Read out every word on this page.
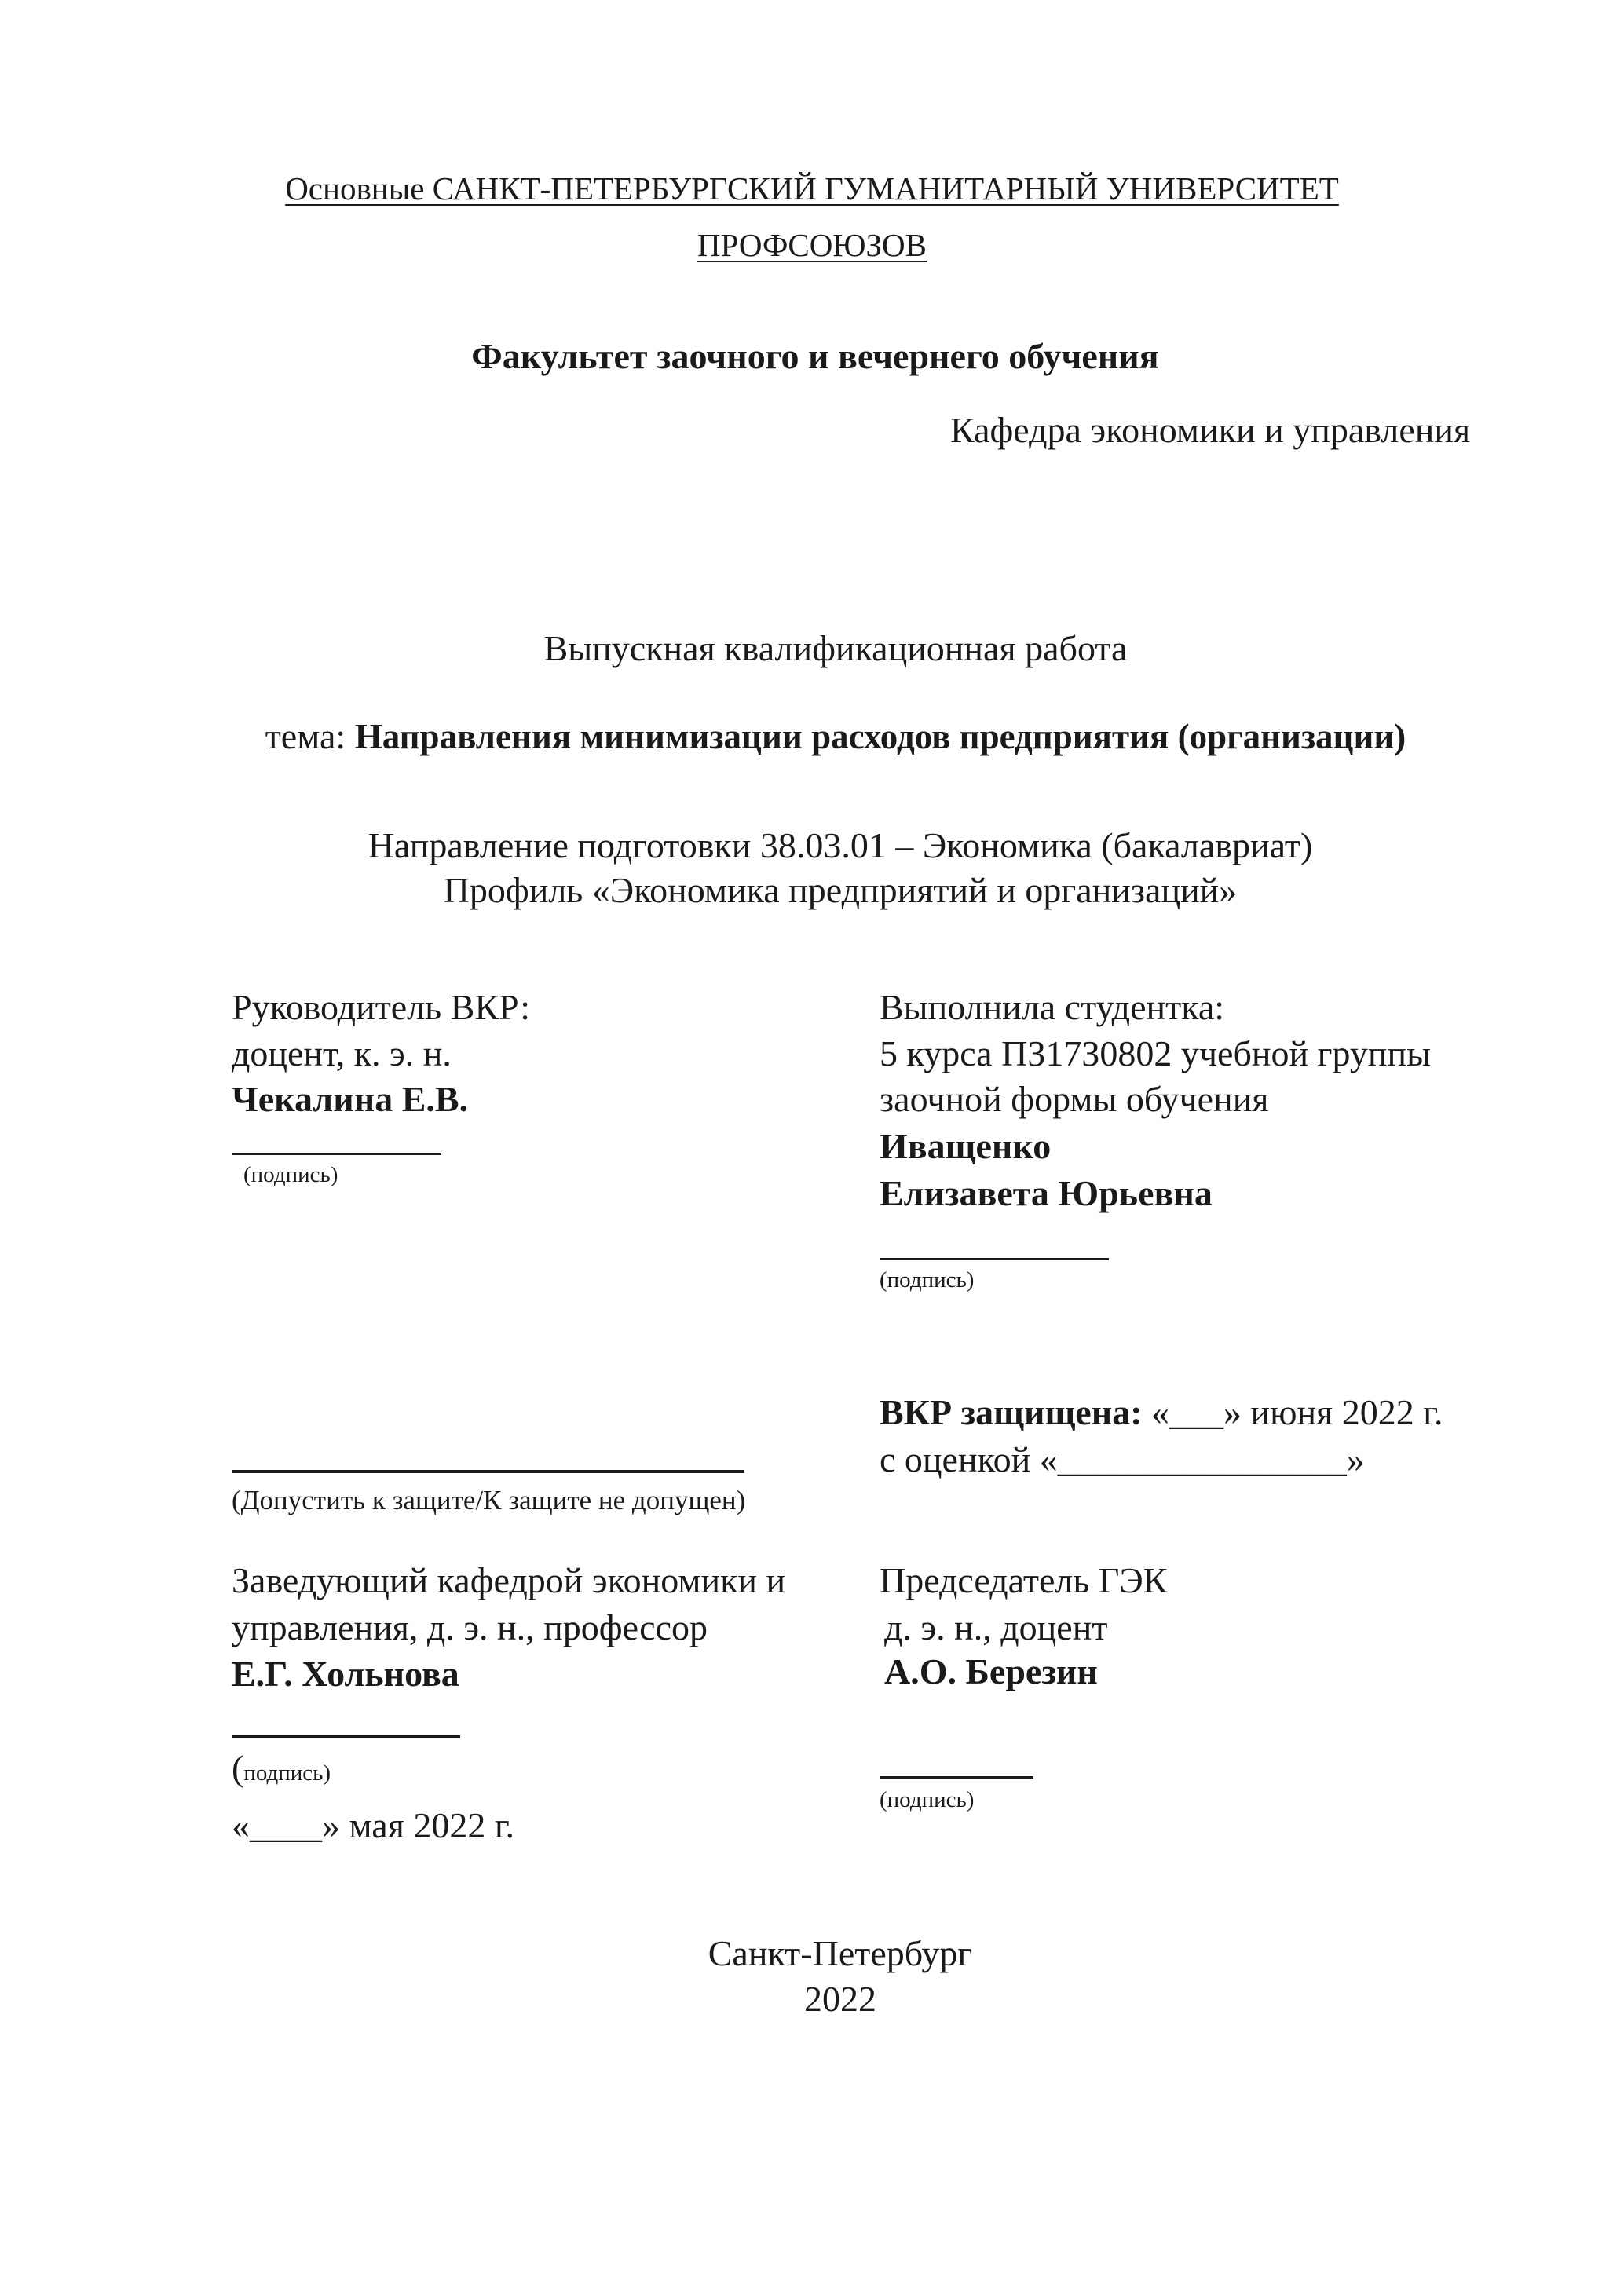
Основные САНКТ-ПЕТЕРБУРГСКИЙ ГУМАНИТАРНЫЙ УНИВЕРСИТЕТ
ПРОФСОЮЗОВ
Факультет заочного и вечернего обучения
Кафедра экономики и управления
Выпускная квалификационная работа
тема: Направления минимизации расходов предприятия (организации)
Направление подготовки 38.03.01 – Экономика (бакалавриат)
Профиль «Экономика предприятий и организаций»
Руководитель ВКР:
доцент, к. э. н.
Чекалина Е.В.
(подпись)
Выполнила студентка:
5 курса ПЗ17З0802 учебной группы
заочной формы обучения
Иващенко
Елизавета Юрьевна
(подпись)
ВКР защищена: «___» июня 2022 г.
с оценкой «________________»
(Допустить к защите/К защите не допущен)
Заведующий кафедрой экономики и
управления, д. э. н., профессор
Е.Г. Хольнова
(подпись)
«____» мая 2022 г.
Председатель ГЭК
д. э. н., доцент
А.О. Березин
(подпись)
Санкт-Петербург
2022
